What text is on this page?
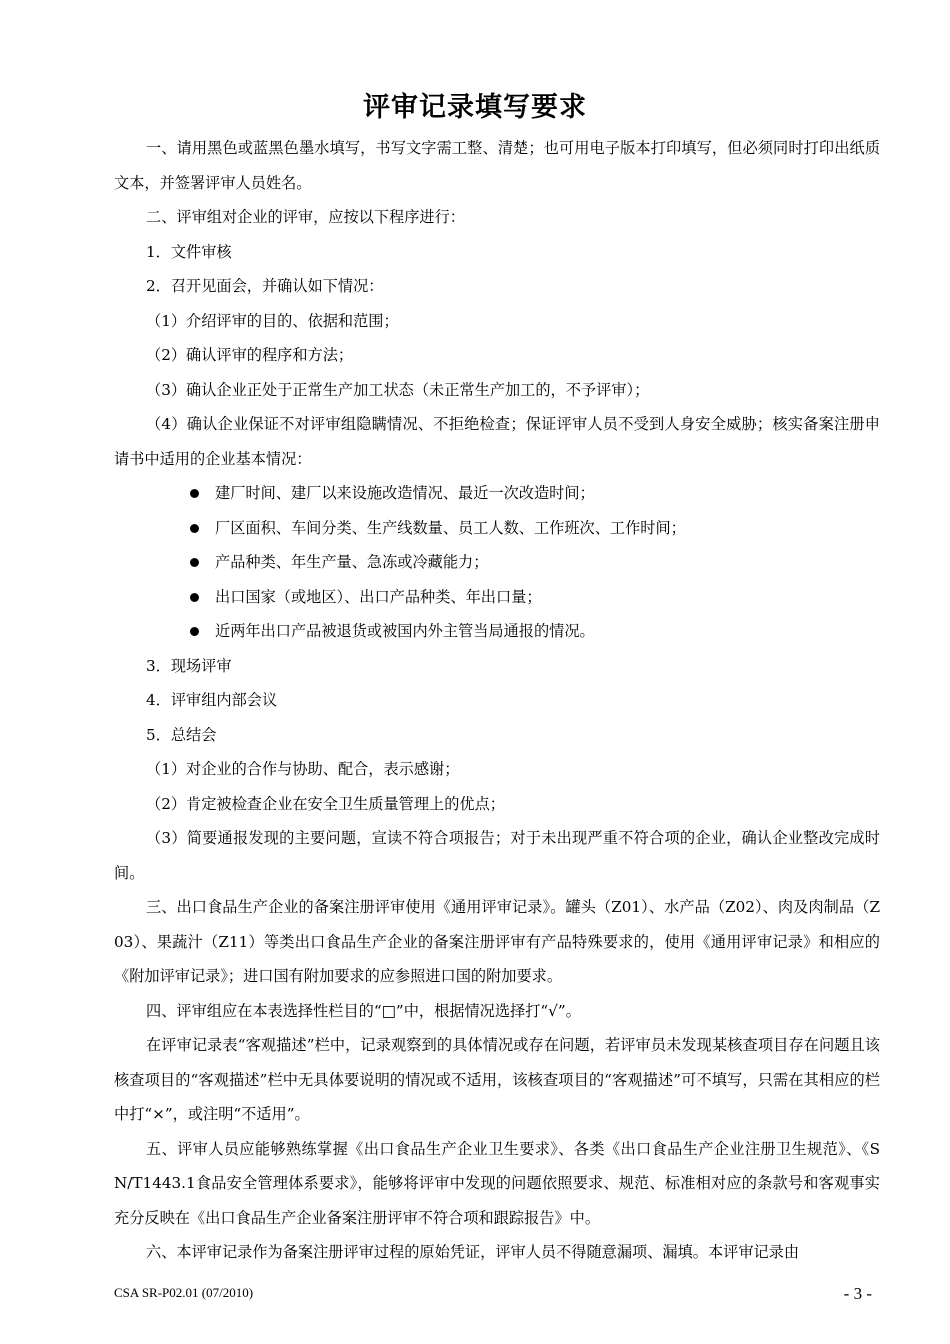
评审记录填写要求

一、请用黑色或蓝黑色墨水填写，书写文字需工整、清楚；也可用电子版本打印填写，但必须同时打印出纸质文本，并签署评审人员姓名。

二、评审组对企业的评审，应按以下程序进行：

1．文件审核

2．召开见面会，并确认如下情况：

（1）介绍评审的目的、依据和范围；

（2）确认评审的程序和方法；

（3）确认企业正处于正常生产加工状态（未正常生产加工的，不予评审）；

（4）确认企业保证不对评审组隐瞒情况、不拒绝检查；保证评审人员不受到人身安全威胁；核实备案注册申请书中适用的企业基本情况：

建厂时间、建厂以来设施改造情况、最近一次改造时间；
厂区面积、车间分类、生产线数量、员工人数、工作班次、工作时间；
产品种类、年生产量、急冻或冷藏能力；
出口国家（或地区）、出口产品种类、年出口量；
近两年出口产品被退货或被国内外主管当局通报的情况。

3．现场评审

4．评审组内部会议

5．总结会

（1）对企业的合作与协助、配合，表示感谢；

（2）肯定被检查企业在安全卫生质量管理上的优点；

（3）简要通报发现的主要问题，宣读不符合项报告；对于未出现严重不符合项的企业，确认企业整改完成时间。

三、出口食品生产企业的备案注册评审使用《通用评审记录》。罐头（Z01）、水产品（Z02）、肉及肉制品（Z03）、果蔬汁（Z11）等类出口食品生产企业的备案注册评审有产品特殊要求的，使用《通用评审记录》和相应的《附加评审记录》；进口国有附加要求的应参照进口国的附加要求。

四、评审组应在本表选择性栏目的“□”中，根据情况选择打“√”。

在评审记录表“客观描述”栏中，记录观察到的具体情况或存在问题，若评审员未发现某核查项目存在问题且该核查项目的“客观描述”栏中无具体要说明的情况或不适用，该核查项目的“客观描述”可不填写，只需在其相应的栏中打“×”，或注明“不适用”。

五、评审人员应能够熟练掌握《出口食品生产企业卫生要求》、各类《出口食品生产企业注册卫生规范》、《SN/T1443.1食品安全管理体系要求》，能够将评审中发现的问题依照要求、规范、标准相对应的条款号和客观事实充分反映在《出口食品生产企业备案注册评审不符合项和跟踪报告》中。

六、本评审记录作为备案注册评审过程的原始凭证，评审人员不得随意漏项、漏填。本评审记录由

CSA SR-P02.01 (07/2010)	- 3 -
